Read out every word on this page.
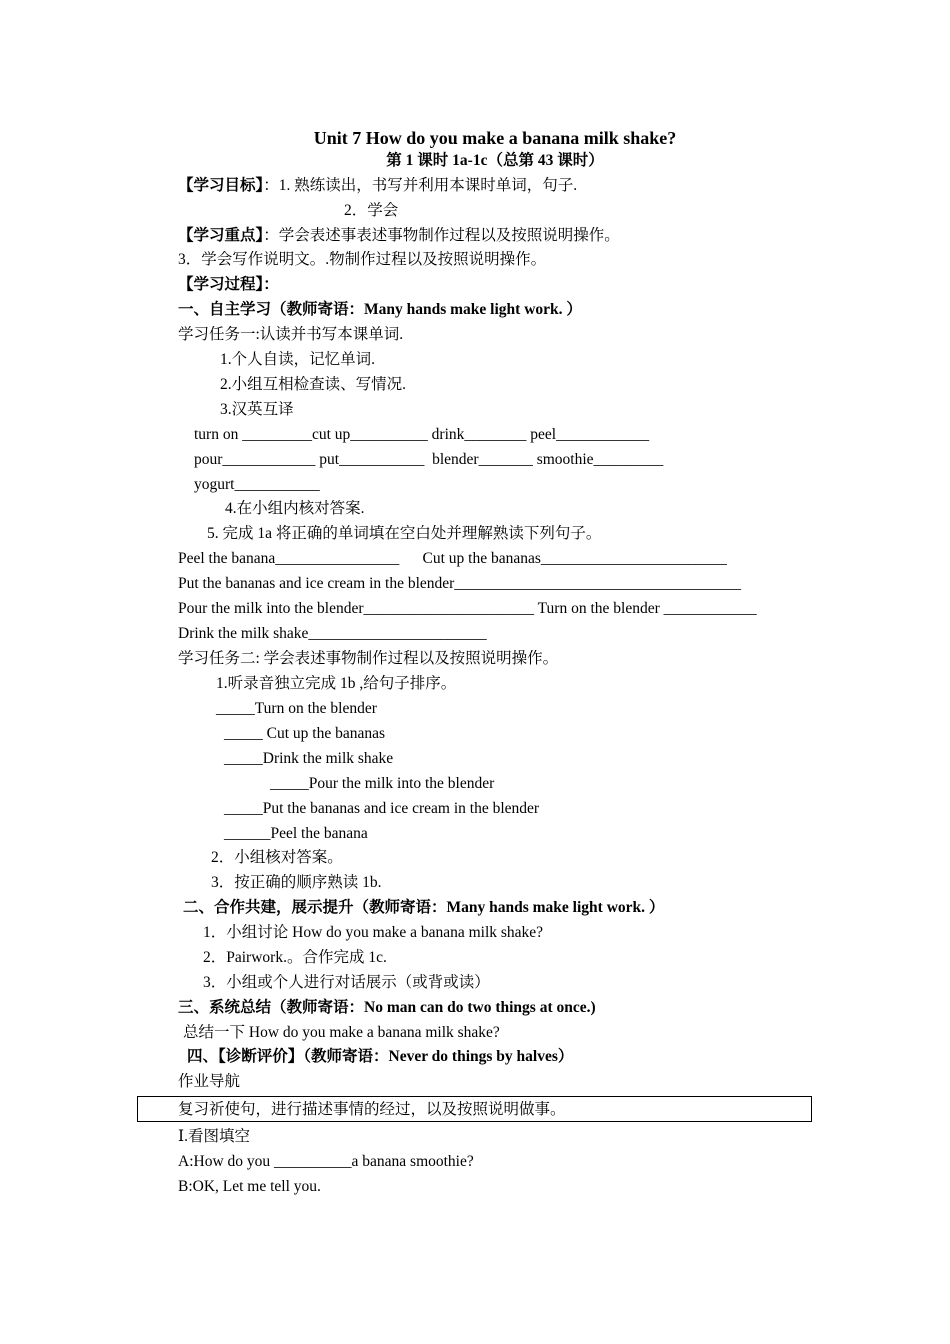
Unit 7 How do you make a banana milk shake?
第 1 课时 1a-1c（总第 43 课时）
【学习目标】：1. 熟练读出，书写并利用本课时单词，句子.
2．学会
【学习重点】：学会表述事表述事物制作过程以及按照说明操作。
3．学会写作说明文。.物制作过程以及按照说明操作。
【学习过程】：
一、自主学习（教师寄语：Many hands make light work. ）
学习任务一:认读并书写本课单词.
1.个人自读，记忆单词.
2.小组互相检查读、写情况.
3.汉英互译
turn on _________cut up__________ drink________ peel____________
pour____________ put___________  blender_______ smoothie_________
yogurt___________
4.在小组内核对答案.
5. 完成 1a 将正确的单词填在空白处并理解熟读下列句子。
Peel the banana________________      Cut up the bananas________________________
Put the bananas and ice cream in the blender_____________________________________
Pour the milk into the blender______________________ Turn on the blender ____________
Drink the milk shake_______________________
学习任务二: 学会表述事物制作过程以及按照说明操作。
1.听录音独立完成 1b ,给句子排序。
_____Turn on the blender
_____ Cut up the bananas
_____Drink the milk shake
_____Pour the milk into the blender
_____Put the bananas and ice cream in the blender
______Peel the banana
2．小组核对答案。
3．按正确的顺序熟读 1b.
二、合作共建，展示提升（教师寄语：Many hands make light work. ）
1．小组讨论 How do you make a banana milk shake?
2．Pairwork.。合作完成 1c.
3．小组或个人进行对话展示（或背或读）
三、系统总结（教师寄语：No man can do two things at once.)
总结一下 How do you make a banana milk shake?
四、【诊断评价】（教师寄语：Never do things by halves）
作业导航
复习祈使句，进行描述事情的经过，以及按照说明做事。
Ⅰ.看图填空
A:How do you __________a banana smoothie?
B:OK, Let me tell you.
